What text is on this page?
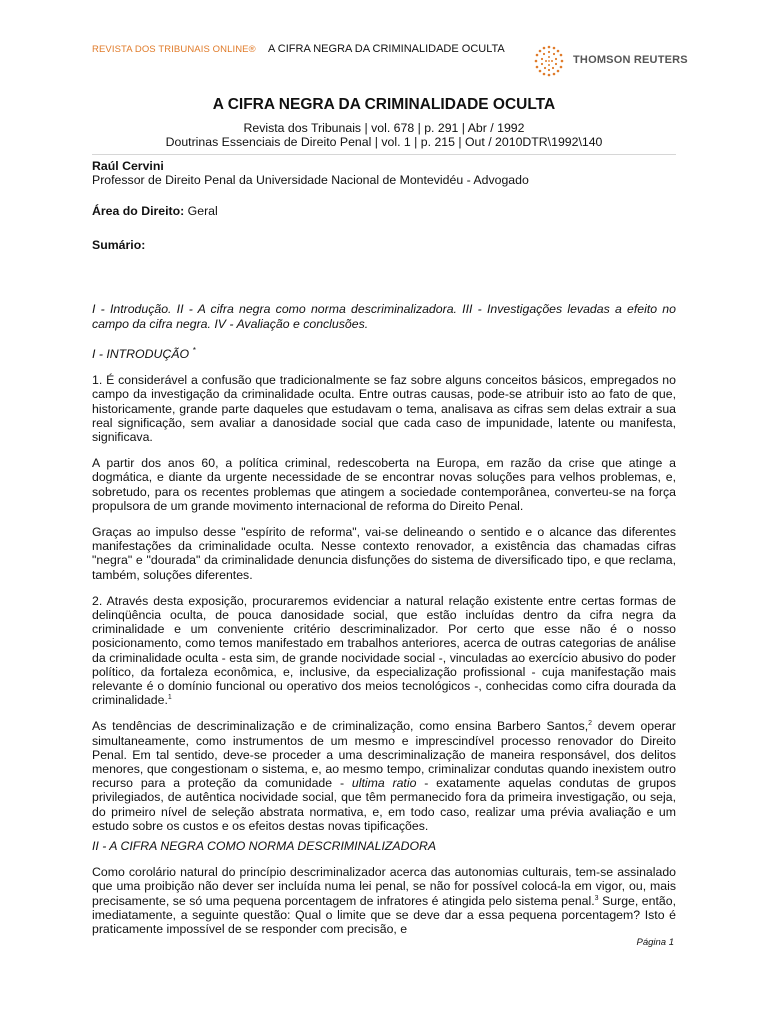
REVISTA DOS TRIBUNAIS ONLINE® A CIFRA NEGRA DA CRIMINALIDADE OCULTA
THOMSON REUTERS
A CIFRA NEGRA DA CRIMINALIDADE OCULTA
Revista dos Tribunais | vol. 678 | p. 291 | Abr / 1992
Doutrinas Essenciais de Direito Penal | vol. 1 | p. 215 | Out / 2010DTR\1992\140
Raúl Cervini
Professor de Direito Penal da Universidade Nacional de Montevidéu - Advogado
Área do Direito: Geral
Sumário:
I - Introdução. II - A cifra negra como norma descriminalizadora. III - Investigações levadas a efeito no campo da cifra negra. IV - Avaliação e conclusões.
I - INTRODUÇÃO *

1. É considerável a confusão que tradicionalmente se faz sobre alguns conceitos básicos, empregados no campo da investigação da criminalidade oculta. Entre outras causas, pode-se atribuir isto ao fato de que, historicamente, grande parte daqueles que estudavam o tema, analisava as cifras sem delas extrair a sua real significação, sem avaliar a danosidade social que cada caso de impunidade, latente ou manifesta, significava.

A partir dos anos 60, a política criminal, redescoberta na Europa, em razão da crise que atinge a dogmática, e diante da urgente necessidade de se encontrar novas soluções para velhos problemas, e, sobretudo, para os recentes problemas que atingem a sociedade contemporânea, converteu-se na força propulsora de um grande movimento internacional de reforma do Direito Penal.

Graças ao impulso desse "espírito de reforma", vai-se delineando o sentido e o alcance das diferentes manifestações da criminalidade oculta. Nesse contexto renovador, a existência das chamadas cifras "negra" e "dourada" da criminalidade denuncia disfunções do sistema de diversificado tipo, e que reclama, também, soluções diferentes.

2. Através desta exposição, procuraremos evidenciar a natural relação existente entre certas formas de delinqüência oculta, de pouca danosidade social, que estão incluídas dentro da cifra negra da criminalidade e um conveniente critério descriminalizador. Por certo que esse não é o nosso posicionamento, como temos manifestado em trabalhos anteriores, acerca de outras categorias de análise da criminalidade oculta - esta sim, de grande nocividade social -, vinculadas ao exercício abusivo do poder político, da fortaleza econômica, e, inclusive, da especialização profissional - cuja manifestação mais relevante é o domínio funcional ou operativo dos meios tecnológicos -, conhecidas como cifra dourada da criminalidade.$^1$

As tendências de descriminalização e de criminalização, como ensina Barbero Santos,$^2$ devem operar simultaneamente, como instrumentos de um mesmo e imprescindível processo renovador do Direito Penal. Em tal sentido, deve-se proceder a uma descriminalização de maneira responsável, dos delitos menores, que congestionam o sistema, e, ao mesmo tempo, criminalizar condutas quando inexistem outro recurso para a proteção da comunidade - ultima ratio - exatamente aquelas condutas de grupos privilegiados, de autêntica nocividade social, que têm permanecido fora da primeira investigação, ou seja, do primeiro nível de seleção abstrata normativa, e, em todo caso, realizar uma prévia avaliação e um estudo sobre os custos e os efeitos destas novas tipificações.

II - A CIFRA NEGRA COMO NORMA DESCRIMINALIZADORA

Como corolário natural do princípio descriminalizador acerca das autonomias culturais, tem-se assinalado que uma proibição não dever ser incluída numa lei penal, se não for possível colocá-la em vigor, ou, mais precisamente, se só uma pequena porcentagem de infratores é atingida pelo sistema penal.$^3$ Surge, então, imediatamente, a seguinte questão: Qual o limite que se deve dar a essa pequena porcentagem? Isto é praticamente impossível de se responder com precisão, e

Página 1
